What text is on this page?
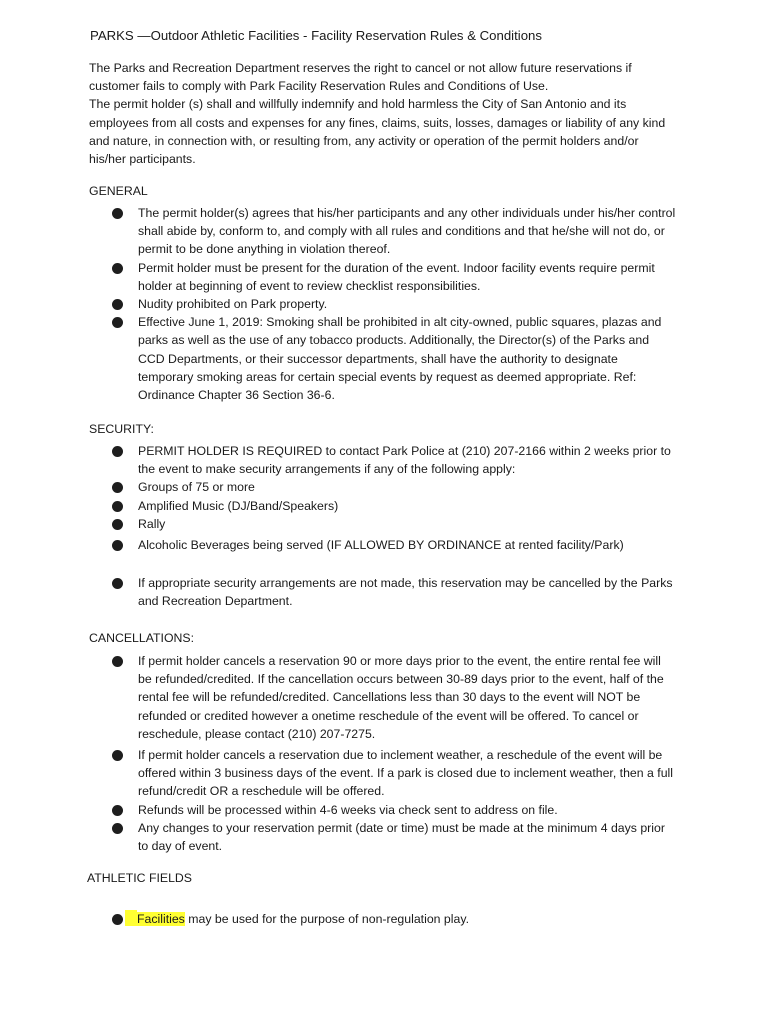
PARKS —Outdoor Athletic Facilities - Facility Reservation Rules & Conditions

The Parks and Recreation Department reserves the right to cancel or not allow future reservations if customer fails to comply with Park Facility Reservation Rules and Conditions of Use.

The permit holder (s) shall and willfully indemnify and hold harmless the City of San Antonio and its employees from all costs and expenses for any fines, claims, suits, losses, damages or liability of any kind and nature, in connection with, or resulting from, any activity or operation of the permit holders and/or his/her participants.

GENERAL
The permit holder(s) agrees that his/her participants and any other individuals under his/her control shall abide by, conform to, and comply with all rules and conditions and that he/she will not do, or permit to be done anything in violation thereof.
Permit holder must be present for the duration of the event. Indoor facility events require permit holder at beginning of event to review checklist responsibilities.
Nudity prohibited on Park property.
Effective June 1, 2019: Smoking shall be prohibited in alt city-owned, public squares, plazas and parks as well as the use of any tobacco products. Additionally, the Director(s) of the Parks and CCD Departments, or their successor departments, shall have the authority to designate temporary smoking areas for certain special events by request as deemed appropriate. Ref: Ordinance Chapter 36 Section 36-6.
SECURITY:
PERMIT HOLDER IS REQUIRED to contact Park Police at (210) 207-2166 within 2 weeks prior to the event to make security arrangements if any of the following apply:
Groups of 75 or more
Amplified Music (DJ/Band/Speakers)
Rally
Alcoholic Beverages being served (IF ALLOWED BY ORDINANCE at rented facility/Park)
If appropriate security arrangements are not made, this reservation may be cancelled by the Parks and Recreation Department.
CANCELLATIONS:
If permit holder cancels a reservation 90 or more days prior to the event, the entire rental fee will be refunded/credited. If the cancellation occurs between 30-89 days prior to the event, half of the rental fee will be refunded/credited. Cancellations less than 30 days to the event will NOT be refunded or credited however a onetime reschedule of the event will be offered. To cancel or reschedule, please contact (210) 207-7275.
If permit holder cancels a reservation due to inclement weather, a reschedule of the event will be offered within 3 business days of the event. If a park is closed due to inclement weather, then a full refund/credit OR a reschedule will be offered.
Refunds will be processed within 4-6 weeks via check sent to address on file.
Any changes to your reservation permit (date or time) must be made at the minimum 4 days prior to day of event.
ATHLETIC FIELDS
Facilities may be used for the purpose of non-regulation play.
